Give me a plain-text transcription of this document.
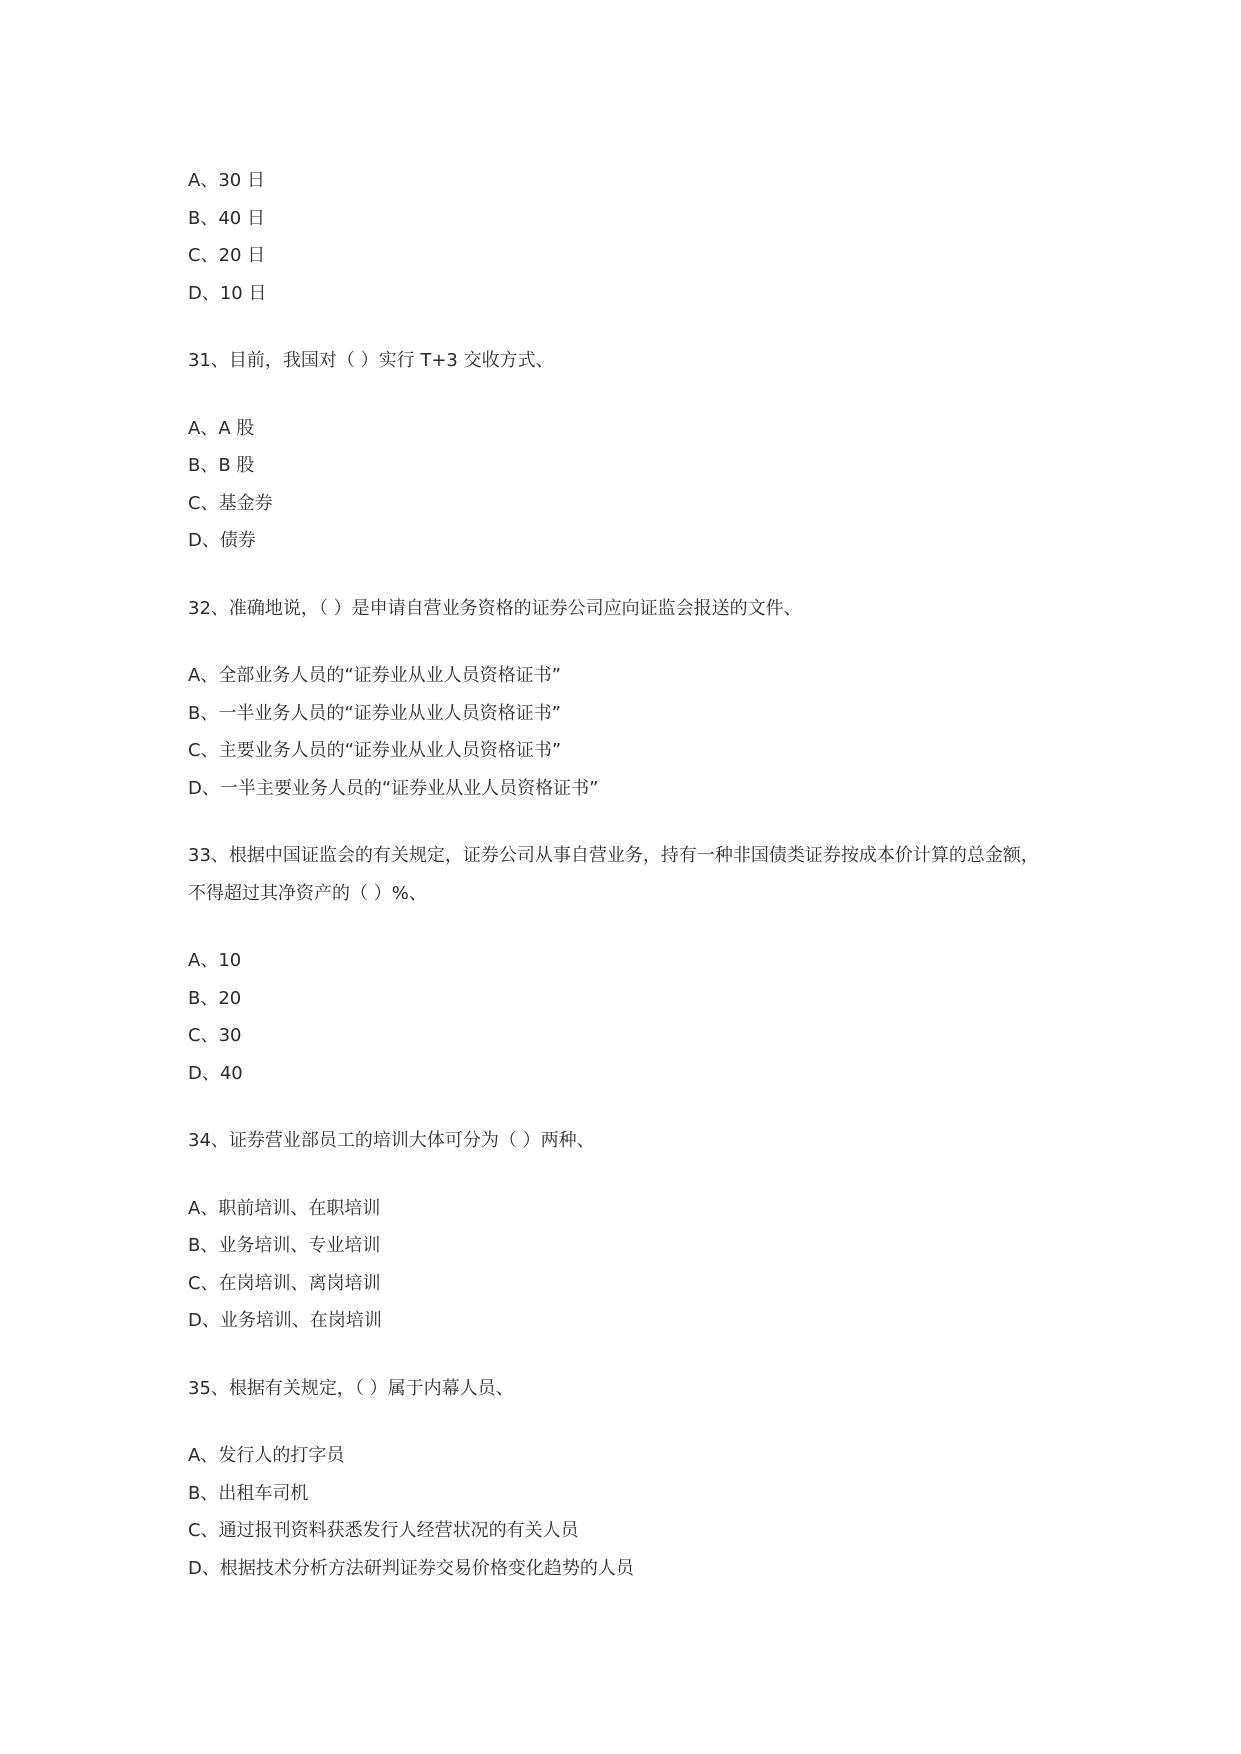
A、30 日
B、40 日
C、20 日
D、10 日
31、目前，我国对（ ）实行 T+3 交收方式、
A、A 股
B、B 股
C、基金券
D、债券
32、准确地说，（ ）是申请自营业务资格的证券公司应向证监会报送的文件、
A、全部业务人员的“证券业从业人员资格证书”
B、一半业务人员的“证券业从业人员资格证书”
C、主要业务人员的“证券业从业人员资格证书”
D、一半主要业务人员的“证券业从业人员资格证书”
33、根据中国证监会的有关规定，证券公司从事自营业务，持有一种非国债类证券按成本价计算的总金额，
不得超过其净资产的（ ）%、
A、10
B、20
C、30
D、40
34、证券营业部员工的培训大体可分为（ ）两种、
A、职前培训、在职培训
B、业务培训、专业培训
C、在岗培训、离岗培训
D、业务培训、在岗培训
35、根据有关规定，（ ）属于内幕人员、
A、发行人的打字员
B、出租车司机
C、通过报刊资料获悉发行人经营状况的有关人员
D、根据技术分析方法研判证券交易价格变化趋势的人员
